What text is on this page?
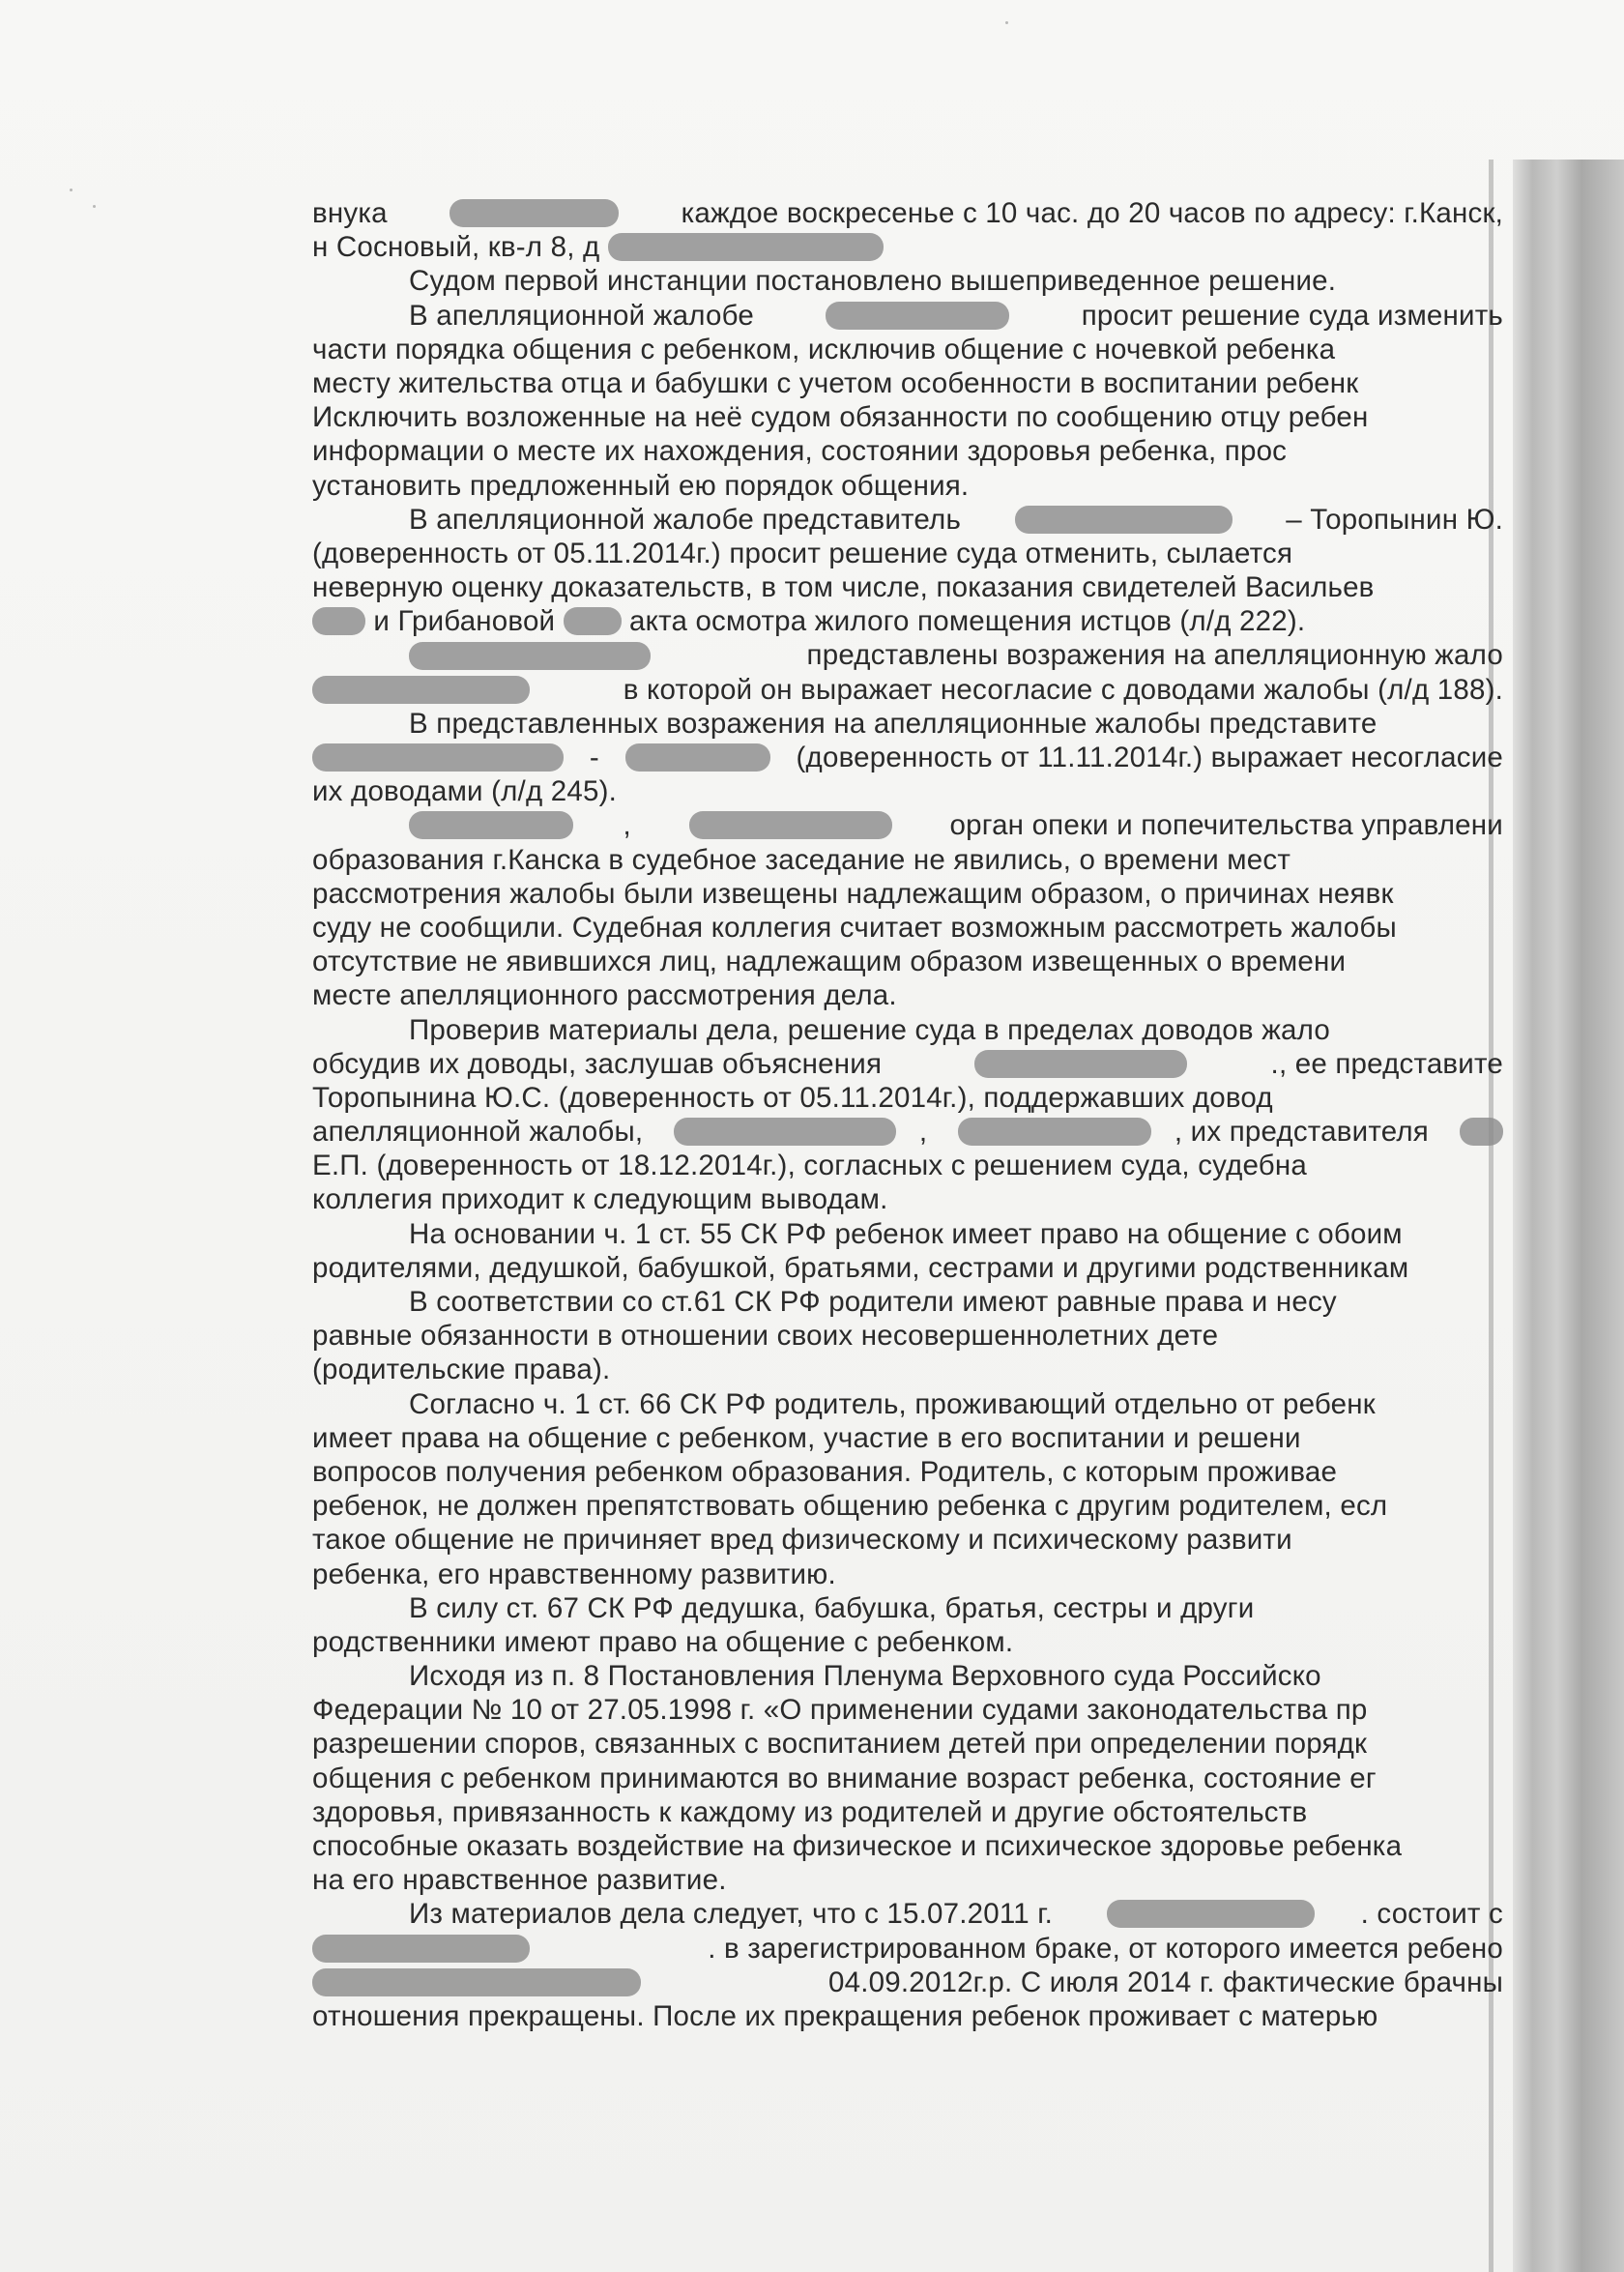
внука	каждое воскресенье с 10 час. до 20 часов по адресу: г.Канск,
н Сосновый, кв-л 8, д
Судом первой инстанции постановлено вышеприведенное решение.
В апелляционной жалобе	просит решение суда изменить
части порядка общения с ребенком, исключив общение с ночевкой ребенка
месту жительства отца и бабушки с учетом особенности в воспитании ребенк
Исключить возложенные на неё судом обязанности по сообщению отцу ребен
информации о месте их нахождения, состоянии здоровья ребенка, прос
установить предложенный ею порядок общения.
В апелляционной жалобе представитель	– Торопынин Ю.
(доверенность от 05.11.2014г.) просит решение суда отменить, сылается
неверную оценку доказательств, в том числе, показания свидетелей Васильев
и Грибановой акта осмотра жилого помещения истцов (л/д 222).
представлены возражения на апелляционную жало
в которой он выражает несогласие с доводами жалобы (л/д 188).
В представленных возражения на апелляционные жалобы представите
-	(доверенность от 11.11.2014г.) выражает несогласие
их доводами (л/д 245).
,	орган опеки и попечительства управлени
образования г.Канска в судебное заседание не явились, о времени мест
рассмотрения жалобы были извещены надлежащим образом, о причинах неявк
суду не сообщили. Судебная коллегия считает возможным рассмотреть жалобы
отсутствие не явившихся лиц, надлежащим образом извещенных о времени
месте апелляционного рассмотрения дела.
Проверив материалы дела, решение суда в пределах доводов жало
обсудив их доводы, заслушав объяснения	., ее представите
Торопынина Ю.С. (доверенность от 05.11.2014г.), поддержавших довод
апелляционной жалобы,	,	, их представителя
Е.П. (доверенность от 18.12.2014г.), согласных с решением суда, судебна
коллегия приходит к следующим выводам.
На основании ч. 1 ст. 55 СК РФ ребенок имеет право на общение с обоим
родителями, дедушкой, бабушкой, братьями, сестрами и другими родственникам
В соответствии со ст.61 СК РФ родители имеют равные права и несу
равные обязанности в отношении своих несовершеннолетних дете
(родительские права).
Согласно ч. 1 ст. 66 СК РФ родитель, проживающий отдельно от ребенк
имеет права на общение с ребенком, участие в его воспитании и решени
вопросов получения ребенком образования. Родитель, с которым проживае
ребенок, не должен препятствовать общению ребенка с другим родителем, есл
такое общение не причиняет вред физическому и психическому развити
ребенка, его нравственному развитию.
В силу ст. 67 СК РФ дедушка, бабушка, братья, сестры и други
родственники имеют право на общение с ребенком.
Исходя из п. 8 Постановления Пленума Верховного суда Российско
Федерации № 10 от 27.05.1998 г. «О применении судами законодательства пр
разрешении споров, связанных с воспитанием детей при определении порядк
общения с ребенком принимаются во внимание возраст ребенка, состояние ег
здоровья, привязанность к каждому из родителей и другие обстоятельств
способные оказать воздействие на физическое и психическое здоровье ребенка
на его нравственное развитие.
Из материалов дела следует, что с 15.07.2011 г.	. состоит с
. в зарегистрированном браке, от которого имеется ребено
04.09.2012г.р. С июля 2014 г. фактические брачны
отношения прекращены. После их прекращения ребенок проживает с матерью
